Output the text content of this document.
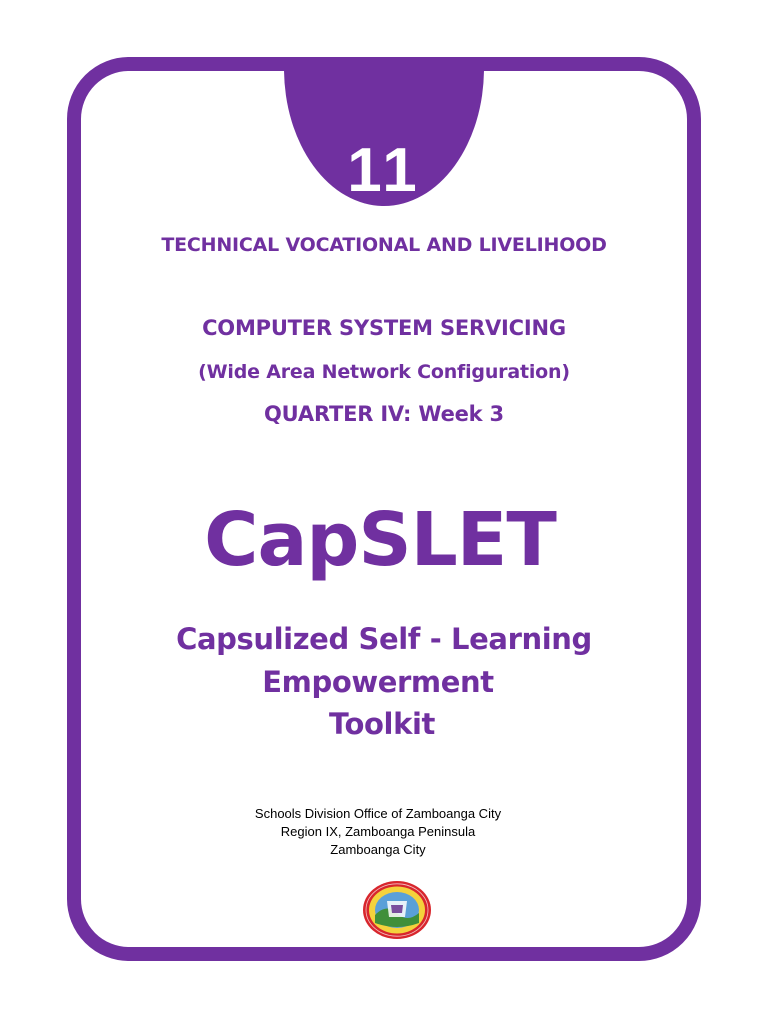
11
TECHNICAL VOCATIONAL AND LIVELIHOOD
COMPUTER SYSTEM SERVICING
(Wide Area Network Configuration)
QUARTER IV: Week 3
CapSLET
Capsulized Self - Learning
Empowerment
Toolkit
Schools Division Office of Zamboanga City
Region IX, Zamboanga Peninsula
Zamboanga City
